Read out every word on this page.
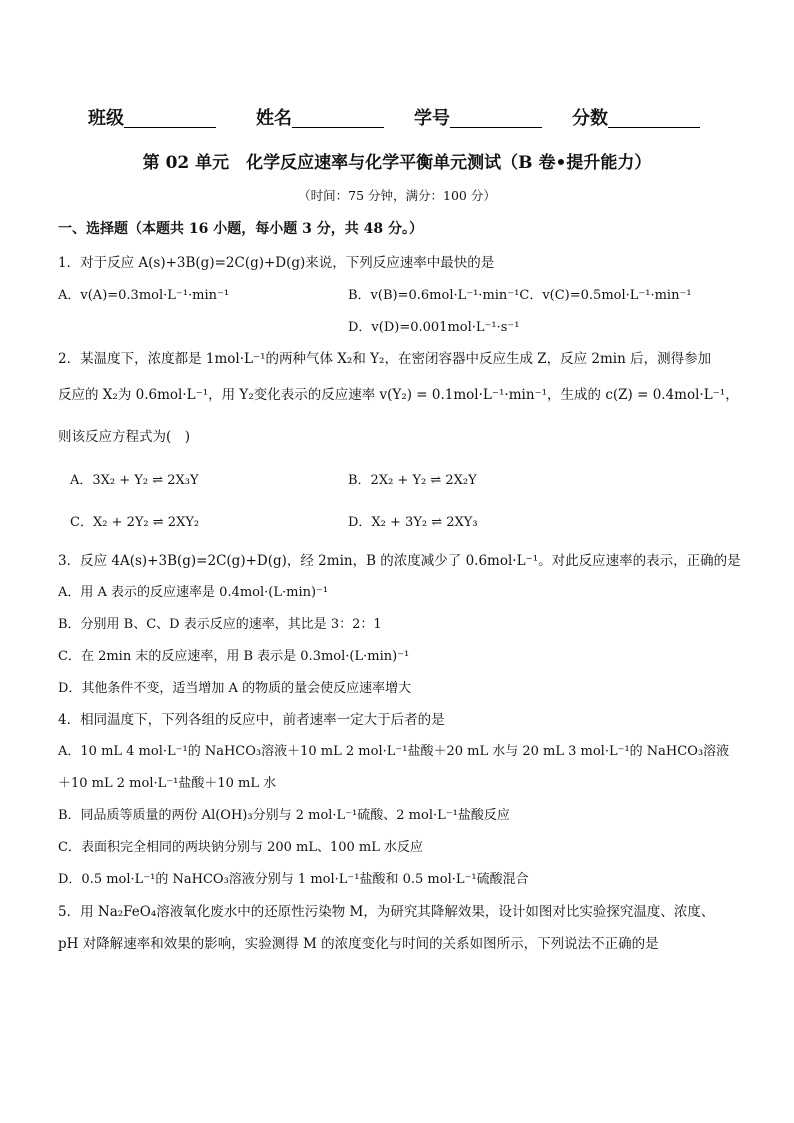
班级	姓名	学号	分数
第 02 单元　化学反应速率与化学平衡单元测试（B 卷•提升能力）
（时间：75 分钟，满分：100 分）
一、选择题（本题共 16 小题，每小题 3 分，共 48 分。）
1．对于反应 A(s)+3B(g)=2C(g)+D(g)来说，下列反应速率中最快的是
A．v(A)=0.3mol·L⁻¹·min⁻¹	B．v(B)=0.6mol·L⁻¹·min⁻¹C．v(C)=0.5mol·L⁻¹·min⁻¹
D．v(D)=0.001mol·L⁻¹·s⁻¹
2．某温度下，浓度都是 1mol·L⁻¹的两种气体 X₂和 Y₂，在密闭容器中反应生成 Z，反应 2min 后，测得参加
反应的 X₂为 0.6mol·L⁻¹，用 Y₂变化表示的反应速率 v(Y₂) = 0.1mol·L⁻¹·min⁻¹，生成的 c(Z) = 0.4mol·L⁻¹，
则该反应方程式为(　)
A．3X₂ + Y₂ ⇌ 2X₃Y	B．2X₂ + Y₂ ⇌ 2X₂Y
C．X₂ + 2Y₂ ⇌ 2XY₂	D．X₂ + 3Y₂ ⇌ 2XY₃
3．反应 4A(s)+3B(g)=2C(g)+D(g)，经 2min，B 的浓度减少了 0.6mol·L⁻¹。对此反应速率的表示，正确的是
A．用 A 表示的反应速率是 0.4mol·(L·min)⁻¹
B．分别用 B、C、D 表示反应的速率，其比是 3：2：1
C．在 2min 末的反应速率，用 B 表示是 0.3mol·(L·min)⁻¹
D．其他条件不变，适当增加 A 的物质的量会使反应速率增大
4．相同温度下，下列各组的反应中，前者速率一定大于后者的是
A．10 mL 4 mol·L⁻¹的 NaHCO₃溶液＋10 mL 2 mol·L⁻¹盐酸＋20 mL 水与 20 mL 3 mol·L⁻¹的 NaHCO₃溶液
＋10 mL 2 mol·L⁻¹盐酸＋10 mL 水
B．同品质等质量的两份 Al(OH)₃分别与 2 mol·L⁻¹硫酸、2 mol·L⁻¹盐酸反应
C．表面积完全相同的两块钠分别与 200 mL、100 mL 水反应
D．0.5 mol·L⁻¹的 NaHCO₃溶液分别与 1 mol·L⁻¹盐酸和 0.5 mol·L⁻¹硫酸混合
5．用 Na₂FeO₄溶液氧化废水中的还原性污染物 M，为研究其降解效果，设计如图对比实验探究温度、浓度、
pH 对降解速率和效果的影响，实验测得 M 的浓度变化与时间的关系如图所示，下列说法不正确的是
